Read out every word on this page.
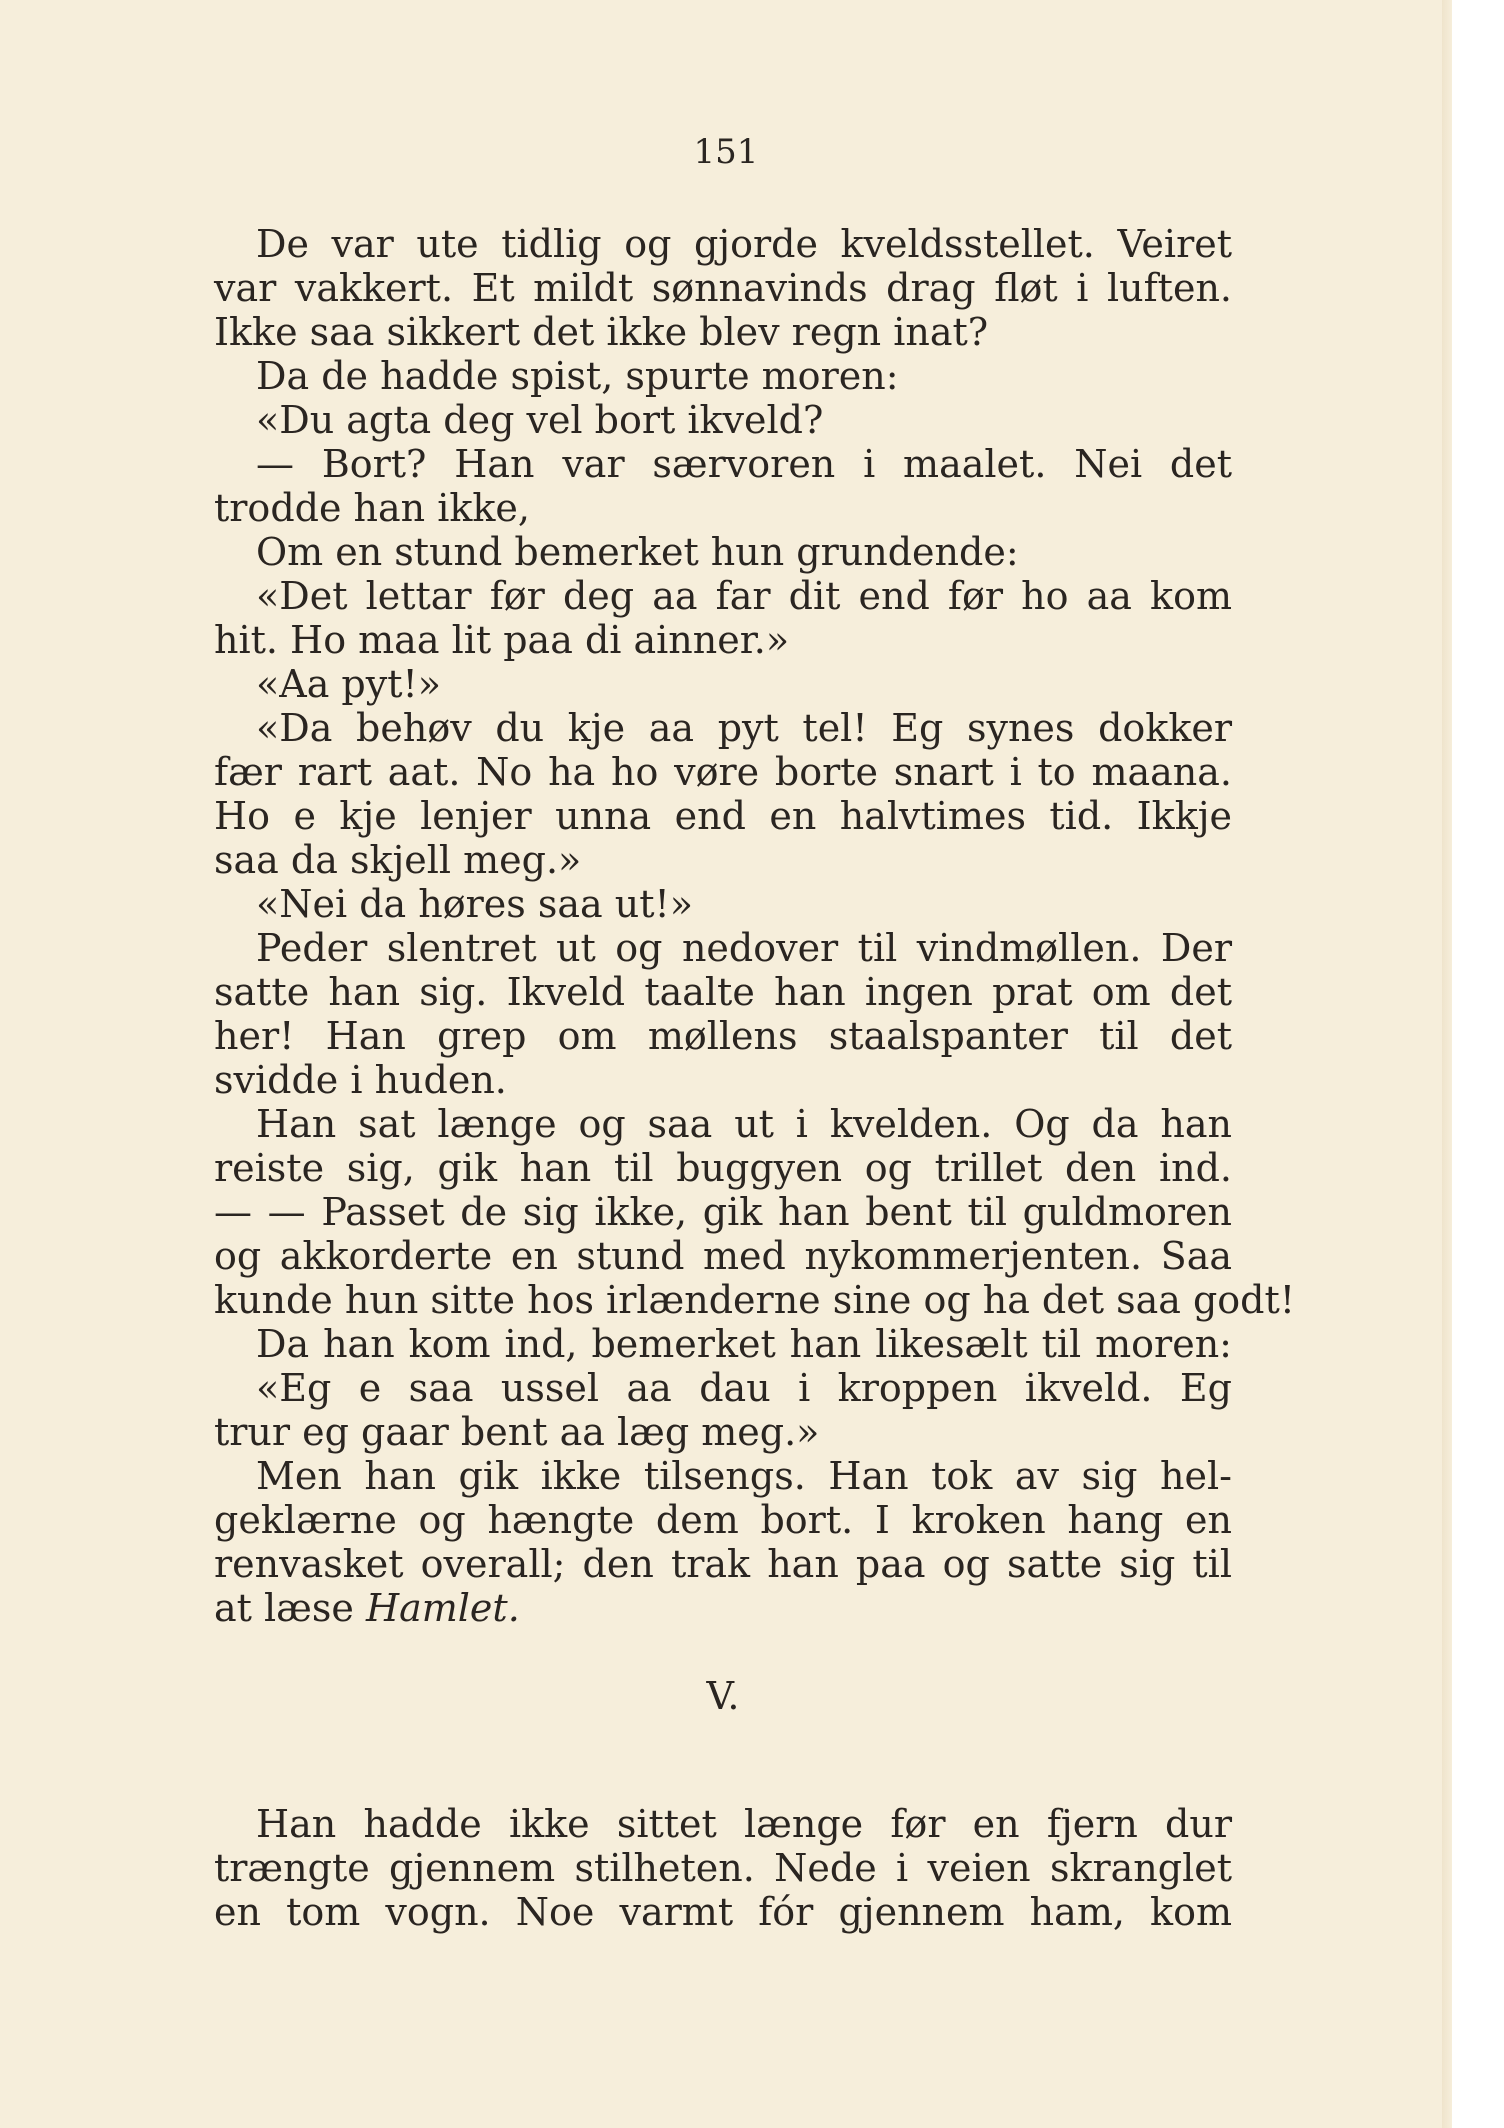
151
De var ute tidlig og gjorde kveldsstellet. Veiret
var vakkert. Et mildt sønnavinds drag fløt i luften.
Ikke saa sikkert det ikke blev regn inat?
Da de hadde spist, spurte moren:
«Du agta deg vel bort ikveld?
— Bort? Han var særvoren i maalet. Nei det
trodde han ikke,
Om en stund bemerket hun grundende:
«Det lettar før deg aa far dit end før ho aa kom
hit. Ho maa lit paa di ainner.»
«Aa pyt!»
«Da behøv du kje aa pyt tel! Eg synes dokker
fær rart aat. No ha ho vøre borte snart i to maana.
Ho e kje lenjer unna end en halvtimes tid. Ikkje
saa da skjell meg.»
«Nei da høres saa ut!»
Peder slentret ut og nedover til vindmøllen. Der
satte han sig. Ikveld taalte han ingen prat om det
her! Han grep om møllens staalspanter til det
svidde i huden.
Han sat længe og saa ut i kvelden. Og da han
reiste sig, gik han til buggyen og trillet den ind.
— — Passet de sig ikke, gik han bent til guldmoren
og akkorderte en stund med nykommerjenten. Saa
kunde hun sitte hos irlænderne sine og ha det saa godt!
Da han kom ind, bemerket han likesælt til moren:
«Eg e saa ussel aa dau i kroppen ikveld. Eg
trur eg gaar bent aa læg meg.»
Men han gik ikke tilsengs. Han tok av sig hel-
geklærne og hængte dem bort. I kroken hang en
renvasket overall; den trak han paa og satte sig til
at læse Hamlet.
V.
Han hadde ikke sittet længe før en fjern dur
trængte gjennem stilheten. Nede i veien skranglet
en tom vogn. Noe varmt fór gjennem ham, kom
